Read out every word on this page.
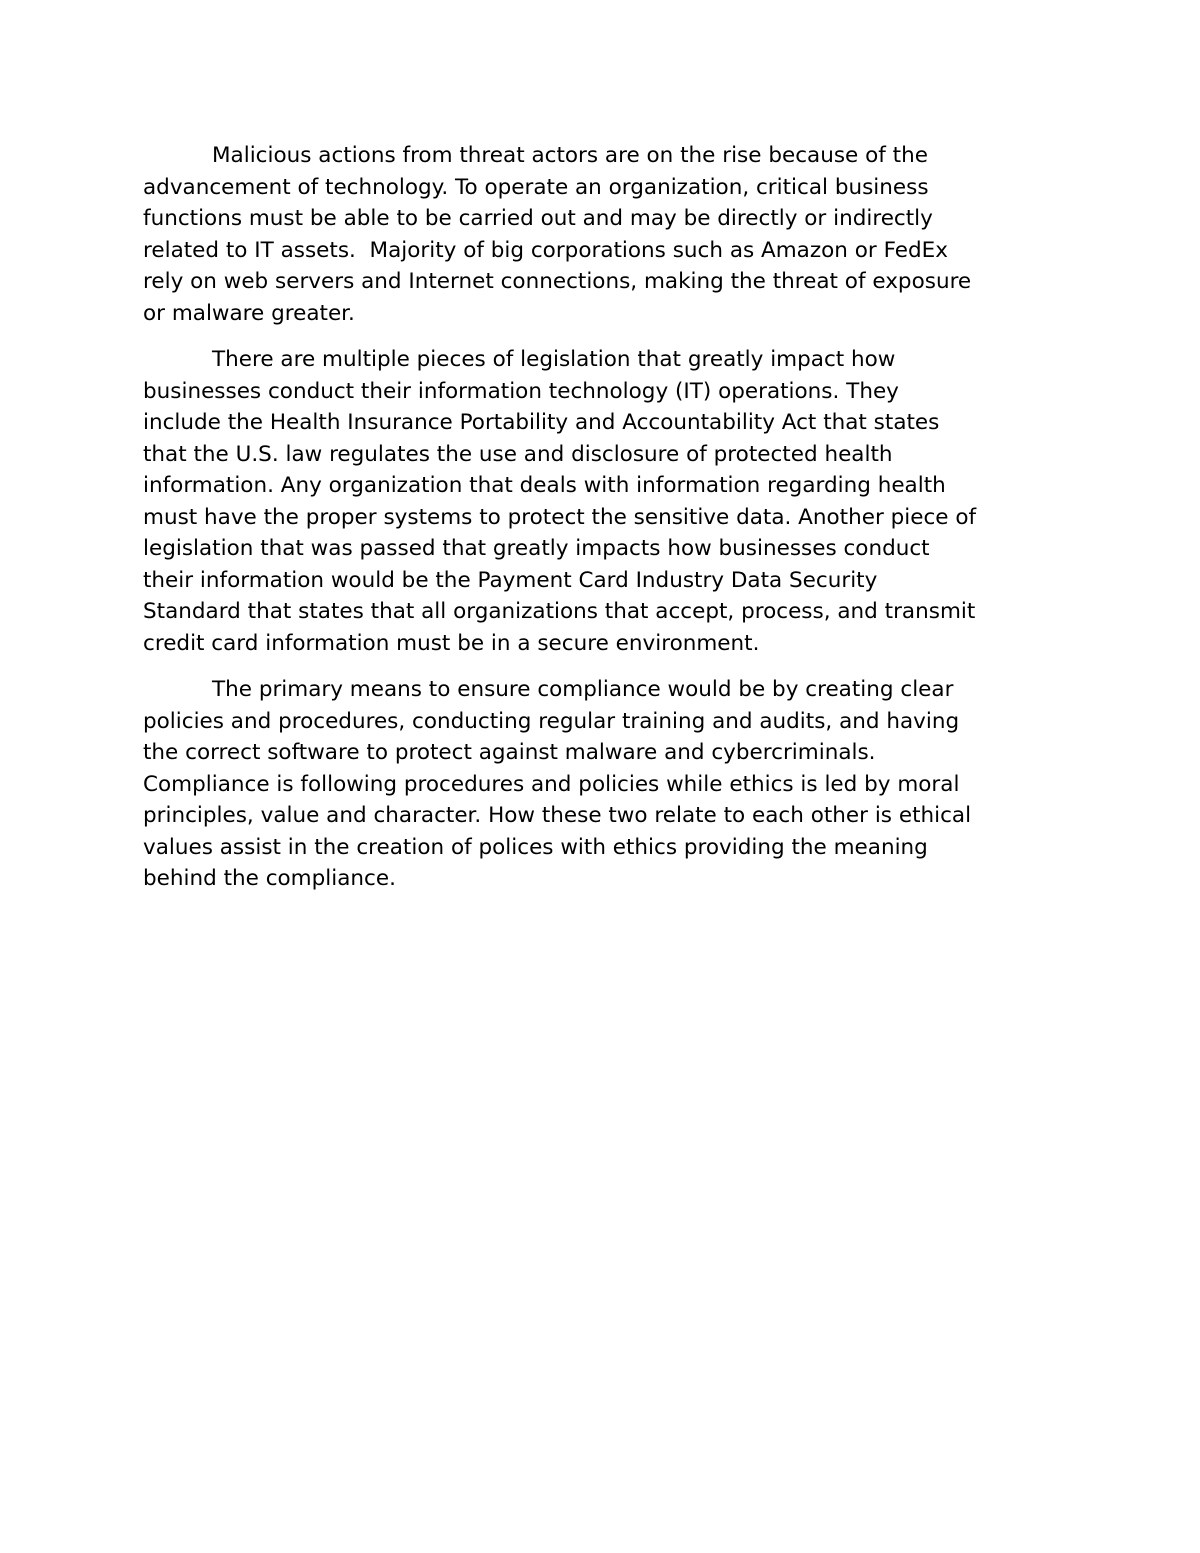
Malicious actions from threat actors are on the rise because of the
advancement of technology. To operate an organization, critical business
functions must be able to be carried out and may be directly or indirectly
related to IT assets.  Majority of big corporations such as Amazon or FedEx
rely on web servers and Internet connections, making the threat of exposure
or malware greater.
There are multiple pieces of legislation that greatly impact how
businesses conduct their information technology (IT) operations. They
include the Health Insurance Portability and Accountability Act that states
that the U.S. law regulates the use and disclosure of protected health
information. Any organization that deals with information regarding health
must have the proper systems to protect the sensitive data. Another piece of
legislation that was passed that greatly impacts how businesses conduct
their information would be the Payment Card Industry Data Security
Standard that states that all organizations that accept, process, and transmit
credit card information must be in a secure environment.
The primary means to ensure compliance would be by creating clear
policies and procedures, conducting regular training and audits, and having
the correct software to protect against malware and cybercriminals.
Compliance is following procedures and policies while ethics is led by moral
principles, value and character. How these two relate to each other is ethical
values assist in the creation of polices with ethics providing the meaning
behind the compliance.
